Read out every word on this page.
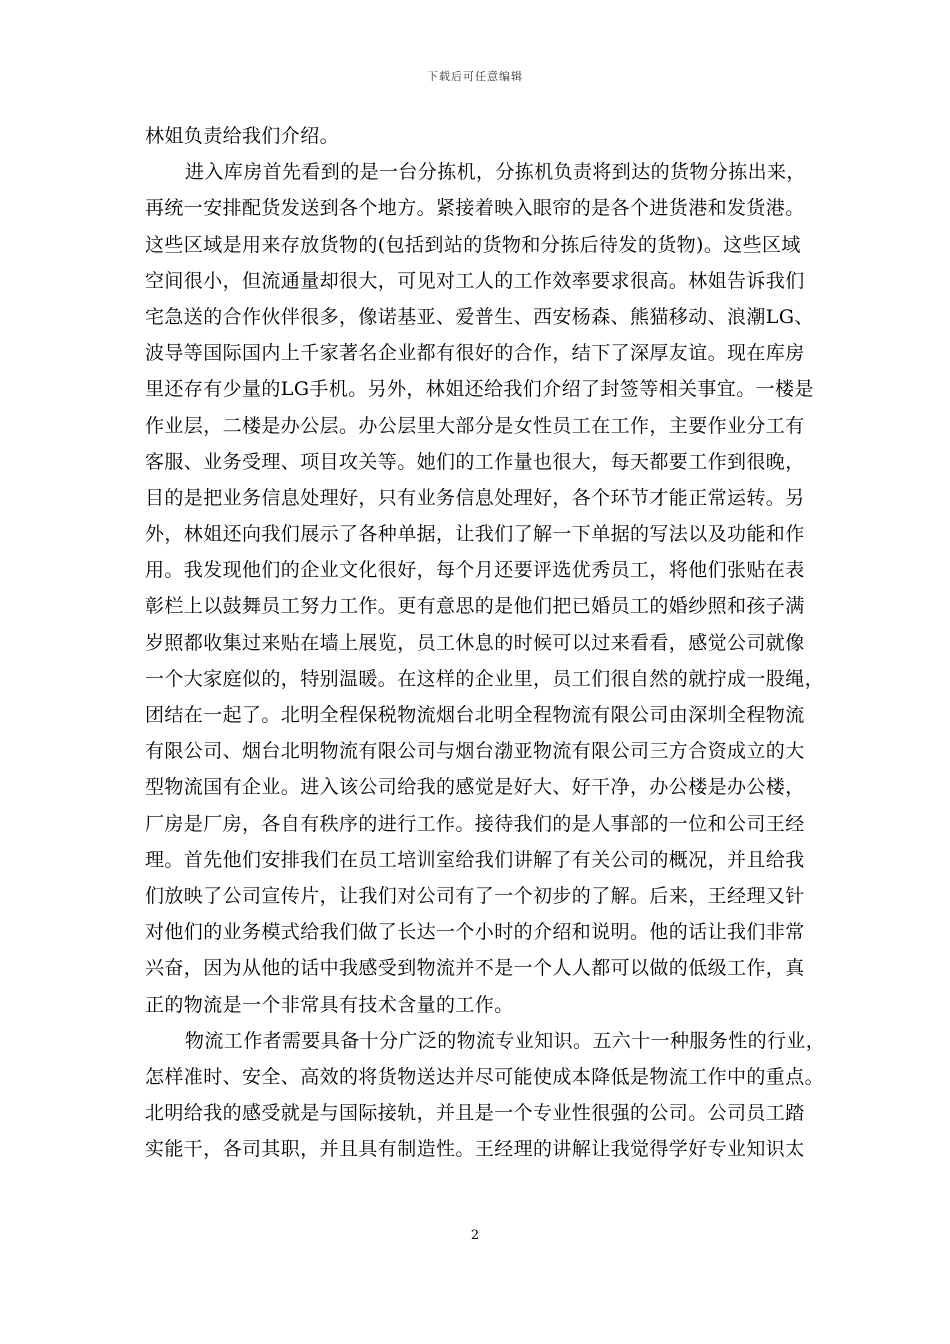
下载后可任意编辑
林姐负责给我们介绍。
进入库房首先看到的是一台分拣机，分拣机负责将到达的货物分拣出来，
再统一安排配货发送到各个地方。紧接着映入眼帘的是各个进货港和发货港。
这些区域是用来存放货物的(包括到站的货物和分拣后待发的货物)。这些区域
空间很小，但流通量却很大，可见对工人的工作效率要求很高。林姐告诉我们
宅急送的合作伙伴很多，像诺基亚、爱普生、西安杨森、熊猫移动、浪潮LG、
波导等国际国内上千家著名企业都有很好的合作，结下了深厚友谊。现在库房
里还存有少量的LG手机。另外，林姐还给我们介绍了封签等相关事宜。一楼是
作业层，二楼是办公层。办公层里大部分是女性员工在工作，主要作业分工有
客服、业务受理、项目攻关等。她们的工作量也很大，每天都要工作到很晚，
目的是把业务信息处理好，只有业务信息处理好，各个环节才能正常运转。另
外，林姐还向我们展示了各种单据，让我们了解一下单据的写法以及功能和作
用。我发现他们的企业文化很好，每个月还要评选优秀员工，将他们张贴在表
彰栏上以鼓舞员工努力工作。更有意思的是他们把已婚员工的婚纱照和孩子满
岁照都收集过来贴在墙上展览，员工休息的时候可以过来看看，感觉公司就像
一个大家庭似的，特别温暖。在这样的企业里，员工们很自然的就拧成一股绳，
团结在一起了。北明全程保税物流烟台北明全程物流有限公司由深圳全程物流
有限公司、烟台北明物流有限公司与烟台渤亚物流有限公司三方合资成立的大
型物流国有企业。进入该公司给我的感觉是好大、好干净，办公楼是办公楼，
厂房是厂房，各自有秩序的进行工作。接待我们的是人事部的一位和公司王经
理。首先他们安排我们在员工培训室给我们讲解了有关公司的概况，并且给我
们放映了公司宣传片，让我们对公司有了一个初步的了解。后来，王经理又针
对他们的业务模式给我们做了长达一个小时的介绍和说明。他的话让我们非常
兴奋，因为从他的话中我感受到物流并不是一个人人都可以做的低级工作，真
正的物流是一个非常具有技术含量的工作。
物流工作者需要具备十分广泛的物流专业知识。五六十一种服务性的行业，
怎样准时、安全、高效的将货物送达并尽可能使成本降低是物流工作中的重点。
北明给我的感受就是与国际接轨，并且是一个专业性很强的公司。公司员工踏
实能干，各司其职，并且具有制造性。王经理的讲解让我觉得学好专业知识太
2
